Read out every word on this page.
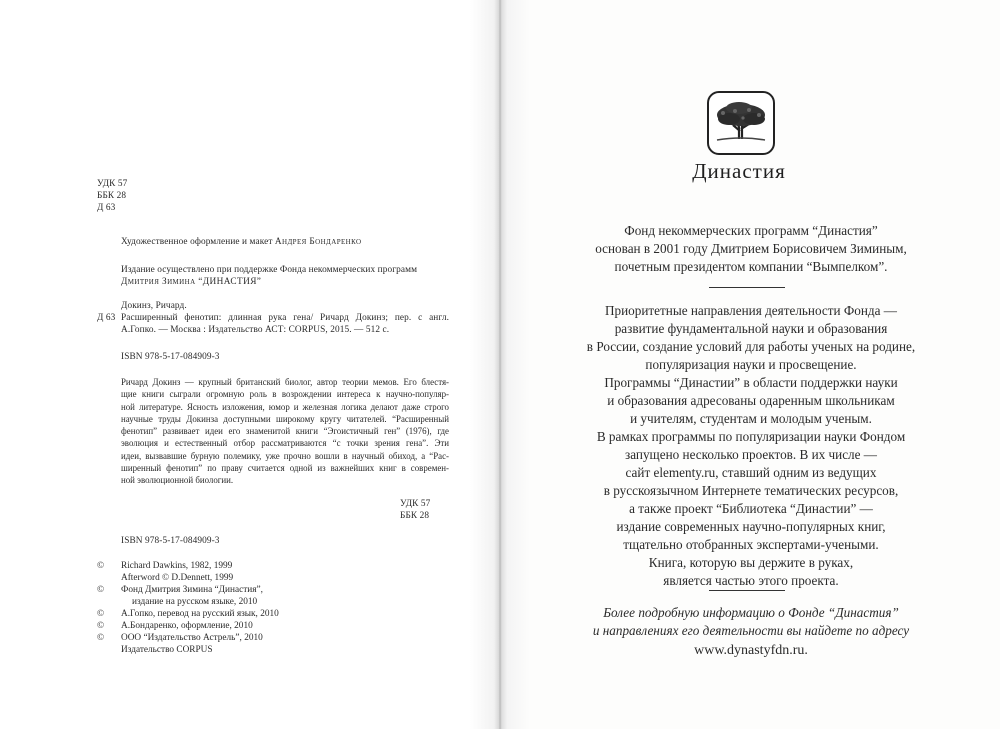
УДК 57
ББК 28
Д 63
Художественное оформление и макет Андрея Бондаренко
Издание осуществлено при поддержке Фонда некоммерческих программ
Дмитрия Зимина “ДИНАСТИЯ”
Докинз, Ричард.
Д 63 Расширенный фенотип: длинная рука гена/ Ричард Докинз; пер. с англ.
А.Гопко. — Москва : Издательство АСТ: CORPUS, 2015. — 512 с.
ISBN 978-5-17-084909-3
Ричард Докинз — крупный британский биолог, автор теории мемов. Его блестя-
щие книги сыграли огромную роль в возрождении интереса к научно-популяр-
ной литературе. Ясность изложения, юмор и железная логика делают даже строго
научные труды Докинза доступными широкому кругу читателей. “Расширенный
фенотип” развивает идеи его знаменитой книги “Эгоистичный ген” (1976), где
эволюция и естественный отбор рассматриваются “с точки зрения гена”. Эти
идеи, вызвавшие бурную полемику, уже прочно вошли в научный обиход, а “Рас-
ширенный фенотип” по праву считается одной из важнейших книг в современ-
ной эволюционной биологии.
УДК 57
ББК 28
ISBN 978-5-17-084909-3
©	Richard Dawkins, 1982, 1999
Afterword © D.Dennett, 1999
©	Фонд Дмитрия Зимина “Династия”,
издание на русском языке, 2010
©	А.Гопко, перевод на русский язык, 2010
©	А.Бондаренко, оформление, 2010
©	ООО “Издательство Астрель”, 2010
Издательство CORPUS
Династия
Фонд некоммерческих программ “Династия”
основан в 2001 году Дмитрием Борисовичем Зиминым,
почетным президентом компании “Вымпелком”.
Приоритетные направления деятельности Фонда —
развитие фундаментальной науки и образования
в России, создание условий для работы ученых на родине,
популяризация науки и просвещение.
Программы “Династии” в области поддержки науки
и образования адресованы одаренным школьникам
и учителям, студентам и молодым ученым.
В рамках программы по популяризации науки Фондом
запущено несколько проектов. В их числе —
сайт elementy.ru, ставший одним из ведущих
в русскоязычном Интернете тематических ресурсов,
а также проект “Библиотека “Династии” —
издание современных научно-популярных книг,
тщательно отобранных экспертами-учеными.
Книга, которую вы держите в руках,
является частью этого проекта.
Более подробную информацию о Фонде “Династия”
и направлениях его деятельности вы найдете по адресу
www.dynastyfdn.ru.
